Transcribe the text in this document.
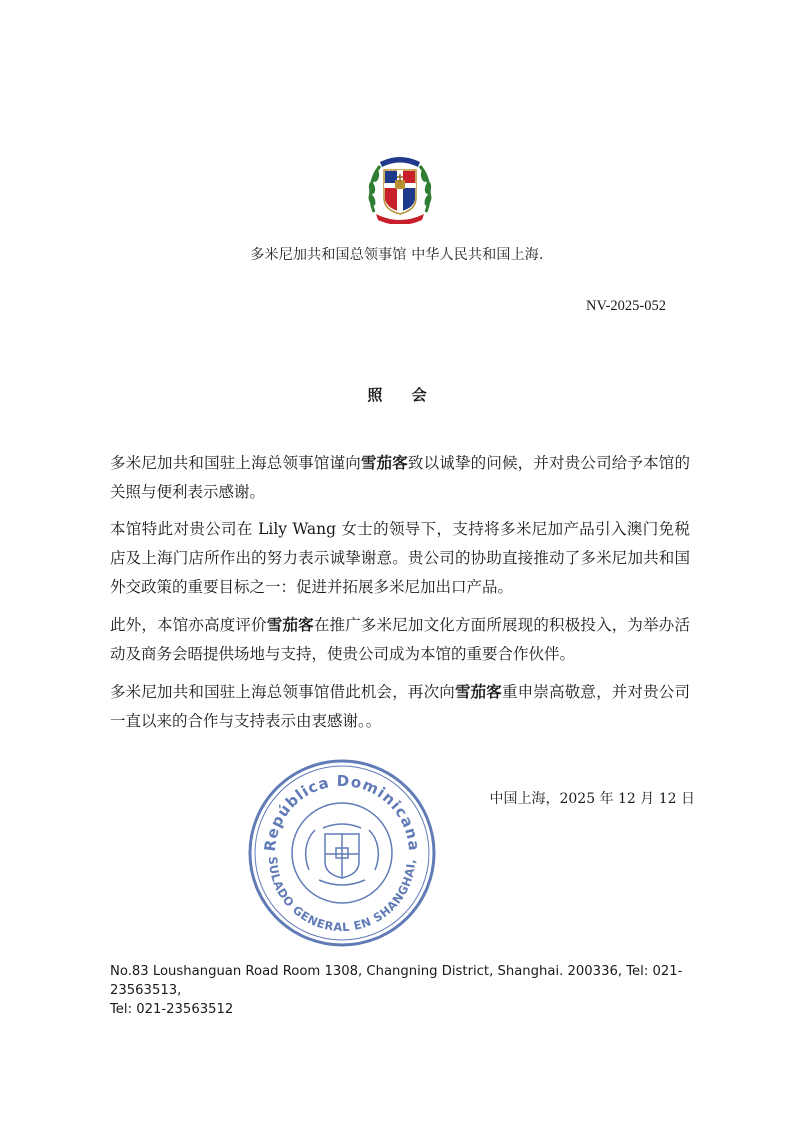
多米尼加共和国总领事馆 中华人民共和国上海.
NV-2025-052
照 会

多米尼加共和国驻上海总领事馆谨向雪茄客致以诚挚的问候，并对贵公司给予本馆的关照与便利表示感谢。

本馆特此对贵公司在 Lily Wang 女士的领导下，支持将多米尼加产品引入澳门免税店及上海门店所作出的努力表示诚挚谢意。贵公司的协助直接推动了多米尼加共和国外交政策的重要目标之一：促进并拓展多米尼加出口产品。

此外，本馆亦高度评价雪茄客在推广多米尼加文化方面所展现的积极投入，为举办活动及商务会晤提供场地与支持，使贵公司成为本馆的重要合作伙伴。

多米尼加共和国驻上海总领事馆借此机会，再次向雪茄客重申崇高敬意，并对贵公司一直以来的合作与支持表示由衷感谢。。

中国上海，2025 年 12 月 12 日
República Dominicana
SULADO GENERAL EN SHANGHAI,
No.83 Loushanguan Road Room 1308, Changning District, Shanghai. 200336, Tel: 021-23563513,
Tel: 021-23563512
